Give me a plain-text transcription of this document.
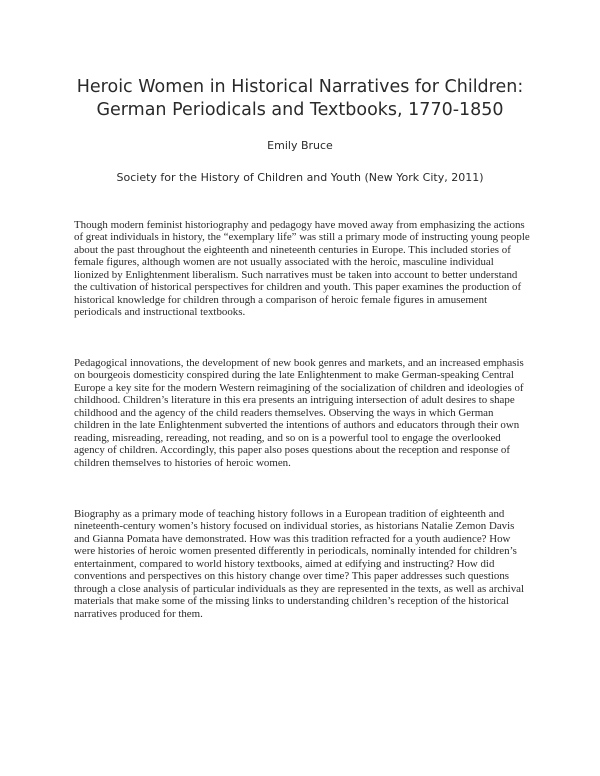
Heroic Women in Historical Narratives for Children:
German Periodicals and Textbooks, 1770-1850
Emily Bruce
Society for the History of Children and Youth (New York City, 2011)

Though modern feminist historiography and pedagogy have moved away from emphasizing the actions of great individuals in history, the “exemplary life” was still a primary mode of instructing young people about the past throughout the eighteenth and nineteenth centuries in Europe. This included stories of female figures, although women are not usually associated with the heroic, masculine individual lionized by Enlightenment liberalism. Such narratives must be taken into account to better understand the cultivation of historical perspectives for children and youth. This paper examines the production of historical knowledge for children through a comparison of heroic female figures in amusement periodicals and instructional textbooks.

Pedagogical innovations, the development of new book genres and markets, and an increased emphasis on bourgeois domesticity conspired during the late Enlightenment to make German-speaking Central Europe a key site for the modern Western reimagining of the socialization of children and ideologies of childhood. Children’s literature in this era presents an intriguing intersection of adult desires to shape childhood and the agency of the child readers themselves. Observing the ways in which German children in the late Enlightenment subverted the intentions of authors and educators through their own reading, misreading, rereading, not reading, and so on is a powerful tool to engage the overlooked agency of children. Accordingly, this paper also poses questions about the reception and response of children themselves to histories of heroic women.

Biography as a primary mode of teaching history follows in a European tradition of eighteenth and nineteenth-century women’s history focused on individual stories, as historians Natalie Zemon Davis and Gianna Pomata have demonstrated. How was this tradition refracted for a youth audience? How were histories of heroic women presented differently in periodicals, nominally intended for children’s entertainment, compared to world history textbooks, aimed at edifying and instructing? How did conventions and perspectives on this history change over time? This paper addresses such questions through a close analysis of particular individuals as they are represented in the texts, as well as archival materials that make some of the missing links to understanding children’s reception of the historical narratives produced for them.
